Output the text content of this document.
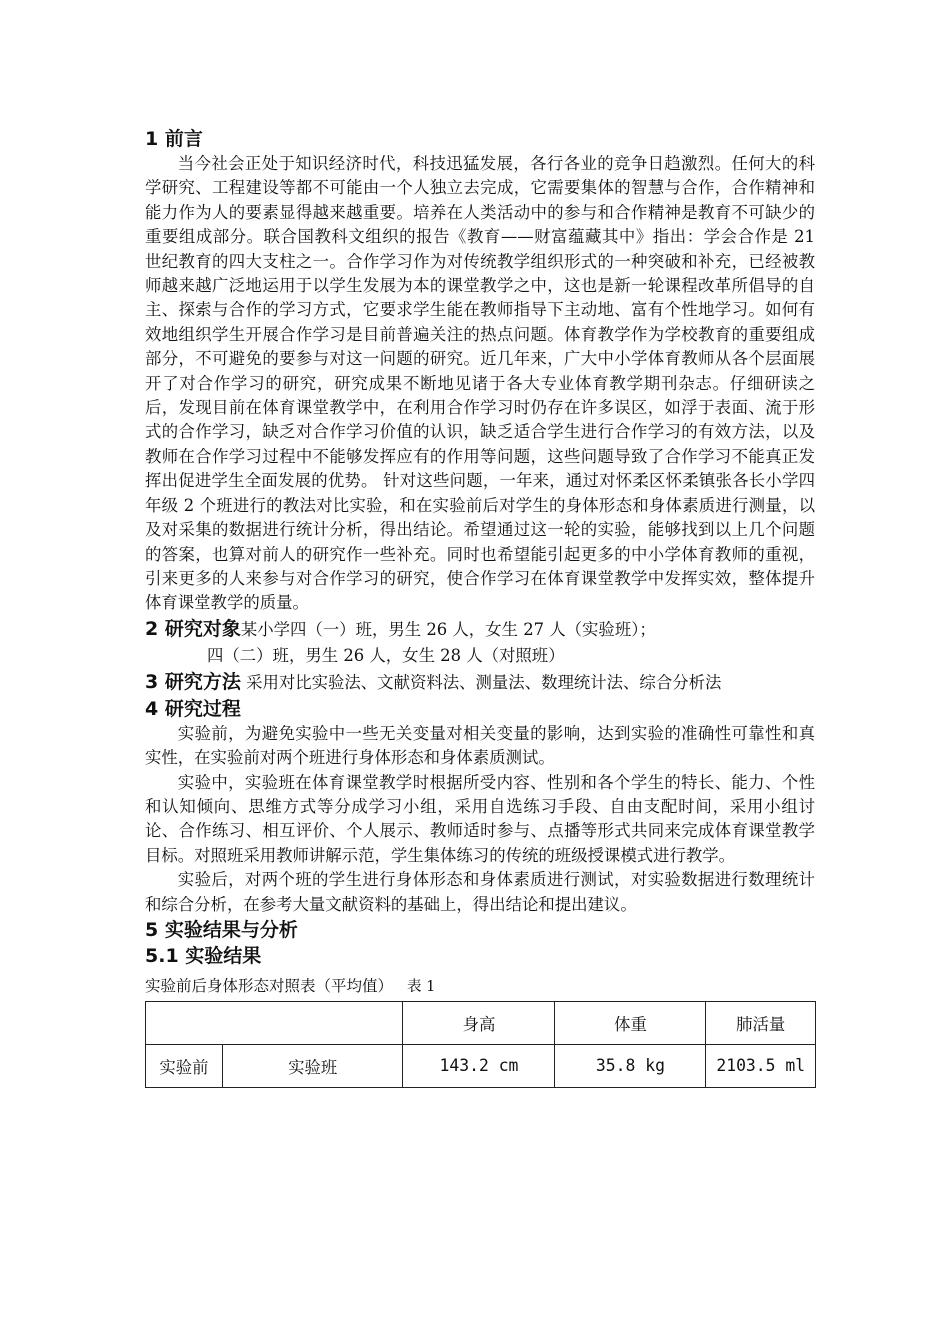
1 前言

当今社会正处于知识经济时代，科技迅猛发展，各行各业的竞争日趋激烈。任何大的科学研究、工程建设等都不可能由一个人独立去完成，它需要集体的智慧与合作，合作精神和能力作为人的要素显得越来越重要。培养在人类活动中的参与和合作精神是教育不可缺少的重要组成部分。联合国教科文组织的报告《教育——财富蕴藏其中》指出：学会合作是 21 世纪教育的四大支柱之一。合作学习作为对传统教学组织形式的一种突破和补充，已经被教师越来越广泛地运用于以学生发展为本的课堂教学之中，这也是新一轮课程改革所倡导的自主、探索与合作的学习方式，它要求学生能在教师指导下主动地、富有个性地学习。如何有效地组织学生开展合作学习是目前普遍关注的热点问题。体育教学作为学校教育的重要组成部分，不可避免的要参与对这一问题的研究。近几年来，广大中小学体育教师从各个层面展开了对合作学习的研究，研究成果不断地见诸于各大专业体育教学期刊杂志。仔细研读之后，发现目前在体育课堂教学中，在利用合作学习时仍存在许多误区，如浮于表面、流于形式的合作学习，缺乏对合作学习价值的认识，缺乏适合学生进行合作学习的有效方法，以及教师在合作学习过程中不能够发挥应有的作用等问题，这些问题导致了合作学习不能真正发挥出促进学生全面发展的优势。 针对这些问题，一年来，通过对怀柔区怀柔镇张各长小学四年级 2 个班进行的教法对比实验，和在实验前后对学生的身体形态和身体素质进行测量，以及对采集的数据进行统计分析，得出结论。希望通过这一轮的实验，能够找到以上几个问题的答案，也算对前人的研究作一些补充。同时也希望能引起更多的中小学体育教师的重视，引来更多的人来参与对合作学习的研究，使合作学习在体育课堂教学中发挥实效，整体提升体育课堂教学的质量。

2 研究对象某小学四（一）班，男生 26 人，女生 27 人（实验班）；

四（二）班，男生 26 人，女生 28 人（对照班）

3 研究方法 采用对比实验法、文献资料法、测量法、数理统计法、综合分析法

4 研究过程

实验前，为避免实验中一些无关变量对相关变量的影响，达到实验的准确性可靠性和真实性，在实验前对两个班进行身体形态和身体素质测试。

实验中，实验班在体育课堂教学时根据所受内容、性别和各个学生的特长、能力、个性和认知倾向、思维方式等分成学习小组，采用自选练习手段、自由支配时间，采用小组讨论、合作练习、相互评价、个人展示、教师适时参与、点播等形式共同来完成体育课堂教学目标。对照班采用教师讲解示范，学生集体练习的传统的班级授课模式进行教学。

实验后，对两个班的学生进行身体形态和身体素质进行测试，对实验数据进行数理统计和综合分析，在参考大量文献资料的基础上，得出结论和提出建议。

5 实验结果与分析

5.1 实验结果

实验前后身体形态对照表（平均值） 表 1

		身高	体重	肺活量
实验前	实验班	143.2 cm	35.8 kg	2103.5 ml
